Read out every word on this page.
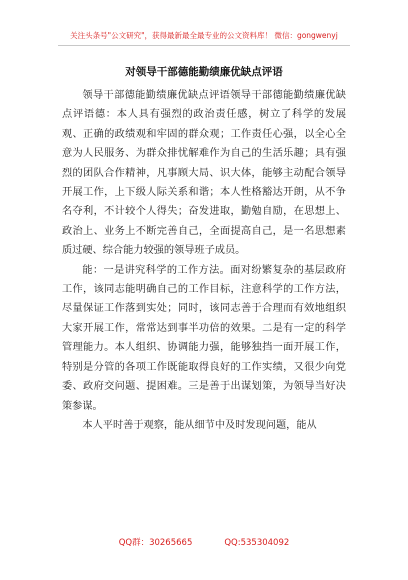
关注头条号"公文研究"，获得最新最全最专业的公文资料库！ 微信：gongwenyj
对领导干部德能勤绩廉优缺点评语

领导干部德能勤绩廉优缺点评语领导干部德能勤绩廉优缺点评语德：本人具有强烈的政治责任感，树立了科学的发展观、正确的政绩观和牢固的群众观；工作责任心强，以全心全意为人民服务、为群众排忧解难作为自己的生活乐趣；具有强烈的团队合作精神，凡事顾大局、识大体，能够主动配合领导开展工作，上下级人际关系和谐；本人性格豁达开朗，从不争名夺利，不计较个人得失；奋发进取，勤勉自励，在思想上、政治上、业务上不断完善自己，全面提高自己，是一名思想素质过硬、综合能力较强的领导班子成员。

能：一是讲究科学的工作方法。面对纷繁复杂的基层政府工作，该同志能明确自己的工作目标，注意科学的工作方法，尽量保证工作落到实处；同时，该同志善于合理而有效地组织大家开展工作，常常达到事半功倍的效果。二是有一定的科学管理能力。本人组织、协调能力强，能够独挡一面开展工作，特别是分管的各项工作既能取得良好的工作实绩，又很少向党委、政府交问题、提困难。三是善于出谋划策，为领导当好决策参谋。

本人平时善于观察，能从细节中及时发现问题，能从

QQ群：30265665	QQ:535304092
